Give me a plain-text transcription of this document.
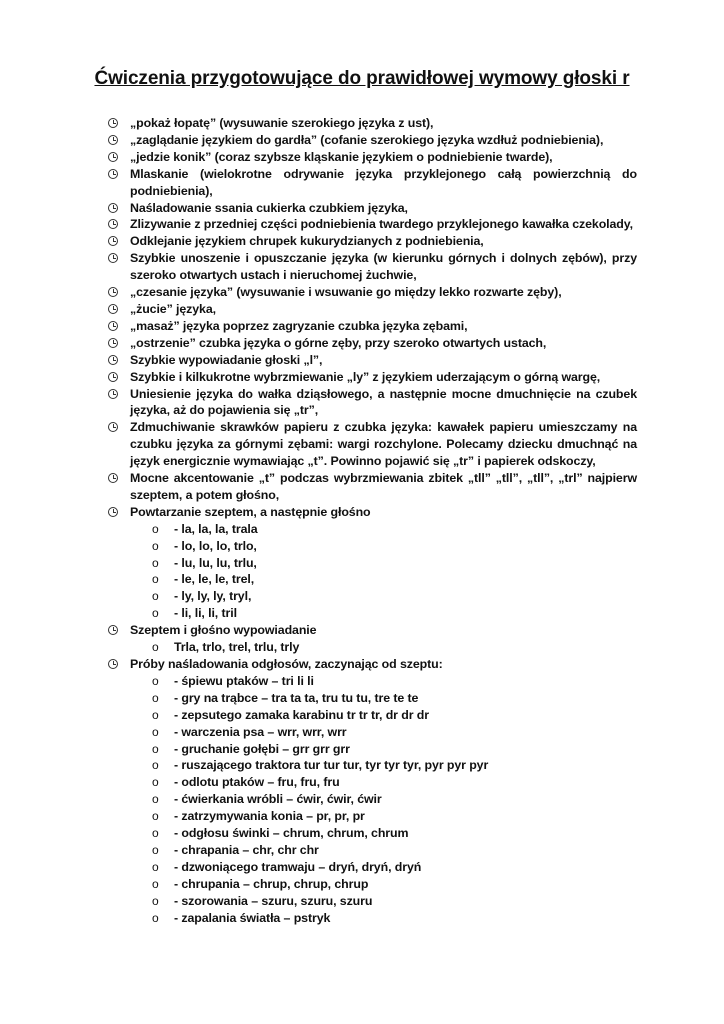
Ćwiczenia przygotowujące do prawidłowej wymowy głoski r
„pokaż łopatę” (wysuwanie szerokiego języka z ust),
„zaglądanie językiem do gardła” (cofanie szerokiego języka wzdłuż podniebienia),
„jedzie konik” (coraz szybsze kląskanie językiem o podniebienie twarde),
Mlaskanie (wielokrotne odrywanie języka przyklejonego całą powierzchnią do podniebienia),
Naśladowanie ssania cukierka czubkiem języka,
Zlizywanie z przedniej części podniebienia twardego przyklejonego kawałka czekolady,
Odklejanie językiem chrupek kukurydzianych z podniebienia,
Szybkie unoszenie i opuszczanie języka (w kierunku górnych i dolnych zębów), przy szeroko otwartych ustach i nieruchomej żuchwie,
„czesanie języka” (wysuwanie i wsuwanie go między lekko rozwarte zęby),
„żucie” języka,
„masaż” języka poprzez zagryzanie czubka języka zębami,
„ostrzenie” czubka języka o górne zęby, przy szeroko otwartych ustach,
Szybkie wypowiadanie głoski „l”,
Szybkie i kilkukrotne wybrzmiewanie „ly” z językiem uderzającym o górną wargę,
Uniesienie języka do wałka dziąsłowego, a następnie mocne dmuchnięcie na czubek języka, aż do pojawienia się „tr”,
Zdmuchiwanie skrawków papieru z czubka języka: kawałek papieru umieszczamy na czubku języka za górnymi zębami: wargi rozchylone. Polecamy dziecku dmuchnąć na język energicznie wymawiając „t”. Powinno pojawić się „tr” i papierek odskoczy,
Mocne akcentowanie „t” podczas wybrzmiewania zbitek „tll” „tll”, „tll”, „trl” najpierw szeptem, a potem głośno,
Powtarzanie szeptem, a następnie głośno
o - la, la, la, trala
o - lo, lo, lo, trlo,
o - lu, lu, lu, trlu,
o - le, le, le, trel,
o - ly, ly, ly, tryl,
o - li, li, li, tril
Szeptem i głośno wypowiadanie
o Trla, trlo, trel, trlu, trly
Próby naśladowania odgłosów, zaczynając od szeptu:
o - śpiewu ptaków – tri li li
o - gry na trąbce – tra ta ta, tru tu tu, tre te te
o - zepsutego zamaka karabinu tr tr tr, dr dr dr
o - warczenia psa – wrr, wrr, wrr
o - gruchanie gołębi – grr grr grr
o - ruszającego traktora tur tur tur, tyr tyr tyr, pyr pyr pyr
o - odlotu ptaków – fru, fru, fru
o - ćwierkania wróbli – ćwir, ćwir, ćwir
o - zatrzymywania konia – pr, pr, pr
o - odgłosu świnki – chrum, chrum, chrum
o - chrapania – chr, chr chr
o - dzwoniącego tramwaju – dryń, dryń, dryń
o - chrupania – chrup, chrup, chrup
o - szorowania – szuru, szuru, szuru
o - zapalania światła – pstryk
